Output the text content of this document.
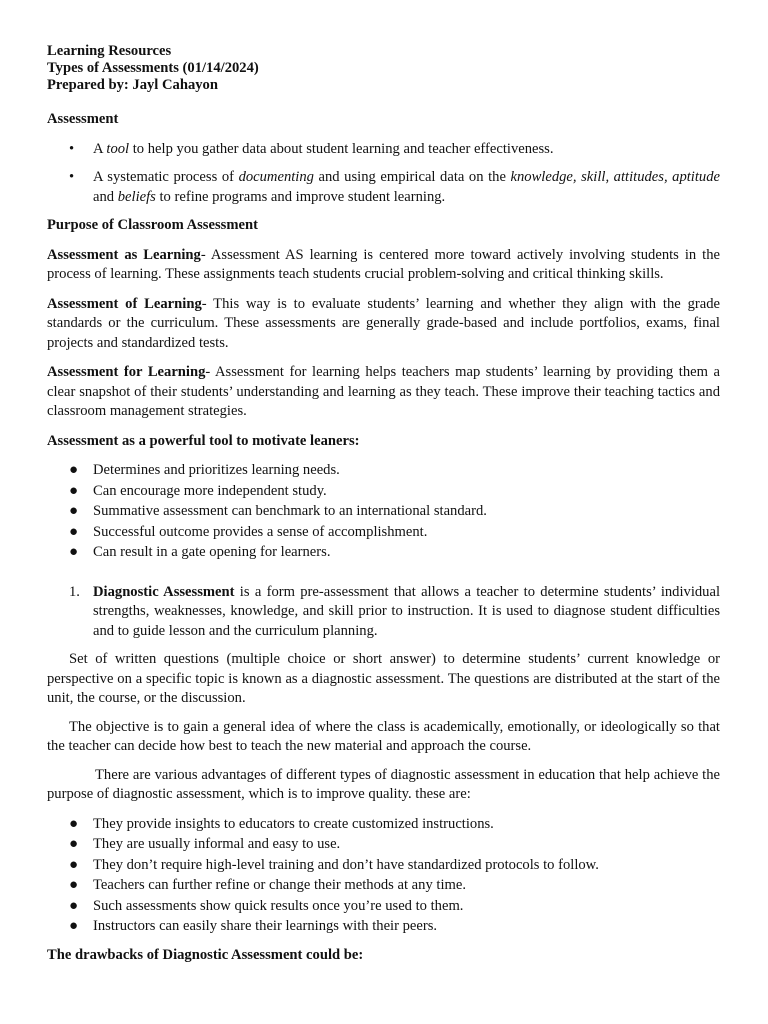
Learning Resources

Types of Assessments (01/14/2024)

Prepared by: Jayl Cahayon

Assessment

• A tool to help you gather data about student learning and teacher effectiveness.
• A systematic process of documenting and using empirical data on the knowledge, skill, attitudes, aptitude and beliefs to refine programs and improve student learning.

Purpose of Classroom Assessment

Assessment as Learning- Assessment AS learning is centered more toward actively involving students in the process of learning. These assignments teach students crucial problem-solving and critical thinking skills.

Assessment of Learning- This way is to evaluate students’ learning and whether they align with the grade standards or the curriculum. These assessments are generally grade-based and include portfolios, exams, final projects and standardized tests.

Assessment for Learning- Assessment for learning helps teachers map students’ learning by providing them a clear snapshot of their students’ understanding and learning as they teach. These improve their teaching tactics and classroom management strategies.

Assessment as a powerful tool to motivate leaners:

● Determines and prioritizes learning needs.
● Can encourage more independent study.
● Summative assessment can benchmark to an international standard.
● Successful outcome provides a sense of accomplishment.
● Can result in a gate opening for learners.
1. Diagnostic Assessment is a form pre-assessment that allows a teacher to determine students’ individual strengths, weaknesses, knowledge, and skill prior to instruction. It is used to diagnose student difficulties and to guide lesson and the curriculum planning.

Set of written questions (multiple choice or short answer) to determine students’ current knowledge or perspective on a specific topic is known as a diagnostic assessment. The questions are distributed at the start of the unit, the course, or the discussion.

The objective is to gain a general idea of where the class is academically, emotionally, or ideologically so that the teacher can decide how best to teach the new material and approach the course.

There are various advantages of different types of diagnostic assessment in education that help achieve the purpose of diagnostic assessment, which is to improve quality. these are:

● They provide insights to educators to create customized instructions.
● They are usually informal and easy to use.
● They don’t require high-level training and don’t have standardized protocols to follow.
● Teachers can further refine or change their methods at any time.
● Such assessments show quick results once you’re used to them.
● Instructors can easily share their learnings with their peers.

The drawbacks of Diagnostic Assessment could be:
